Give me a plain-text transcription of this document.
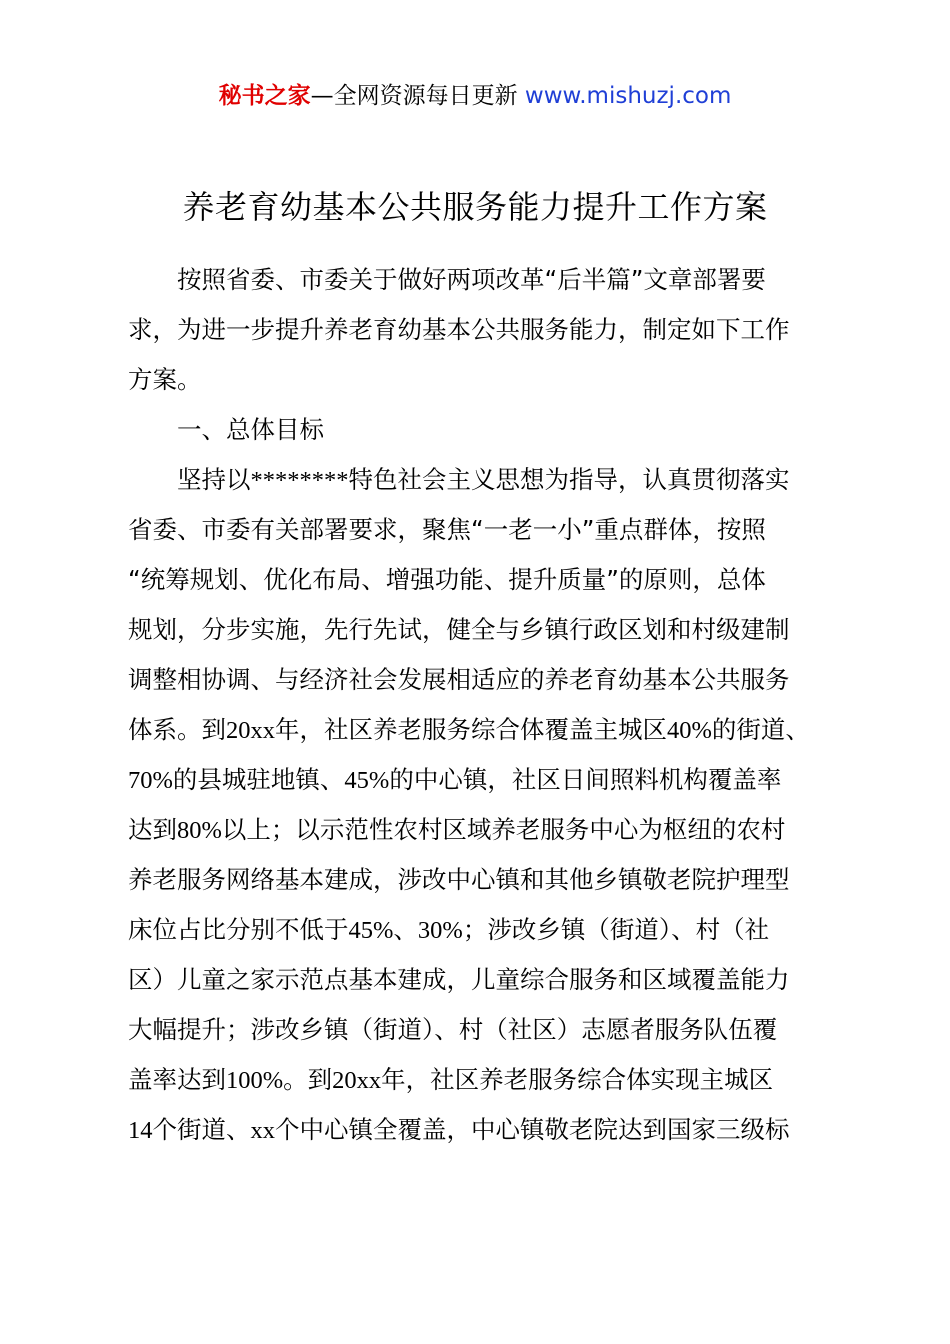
秘书之家—全网资源每日更新 www.mishuzj.com
养老育幼基本公共服务能力提升工作方案
按照省委、市委关于做好两项改革“后半篇”文章部署要
求，为进一步提升养老育幼基本公共服务能力，制定如下工作
方案。
一、总体目标
坚持以********特色社会主义思想为指导，认真贯彻落实
省委、市委有关部署要求，聚焦“一老一小”重点群体，按照
“统筹规划、优化布局、增强功能、提升质量”的原则，总体
规划，分步实施，先行先试，健全与乡镇行政区划和村级建制
调整相协调、与经济社会发展相适应的养老育幼基本公共服务
体系。到20xx年，社区养老服务综合体覆盖主城区40%的街道、
70%的县城驻地镇、45%的中心镇，社区日间照料机构覆盖率
达到80%以上；以示范性农村区域养老服务中心为枢纽的农村
养老服务网络基本建成，涉改中心镇和其他乡镇敬老院护理型
床位占比分别不低于45%、30%；涉改乡镇（街道）、村（社
区）儿童之家示范点基本建成，儿童综合服务和区域覆盖能力
大幅提升；涉改乡镇（街道）、村（社区）志愿者服务队伍覆
盖率达到100%。到20xx年，社区养老服务综合体实现主城区
14个街道、xx个中心镇全覆盖，中心镇敬老院达到国家三级标
